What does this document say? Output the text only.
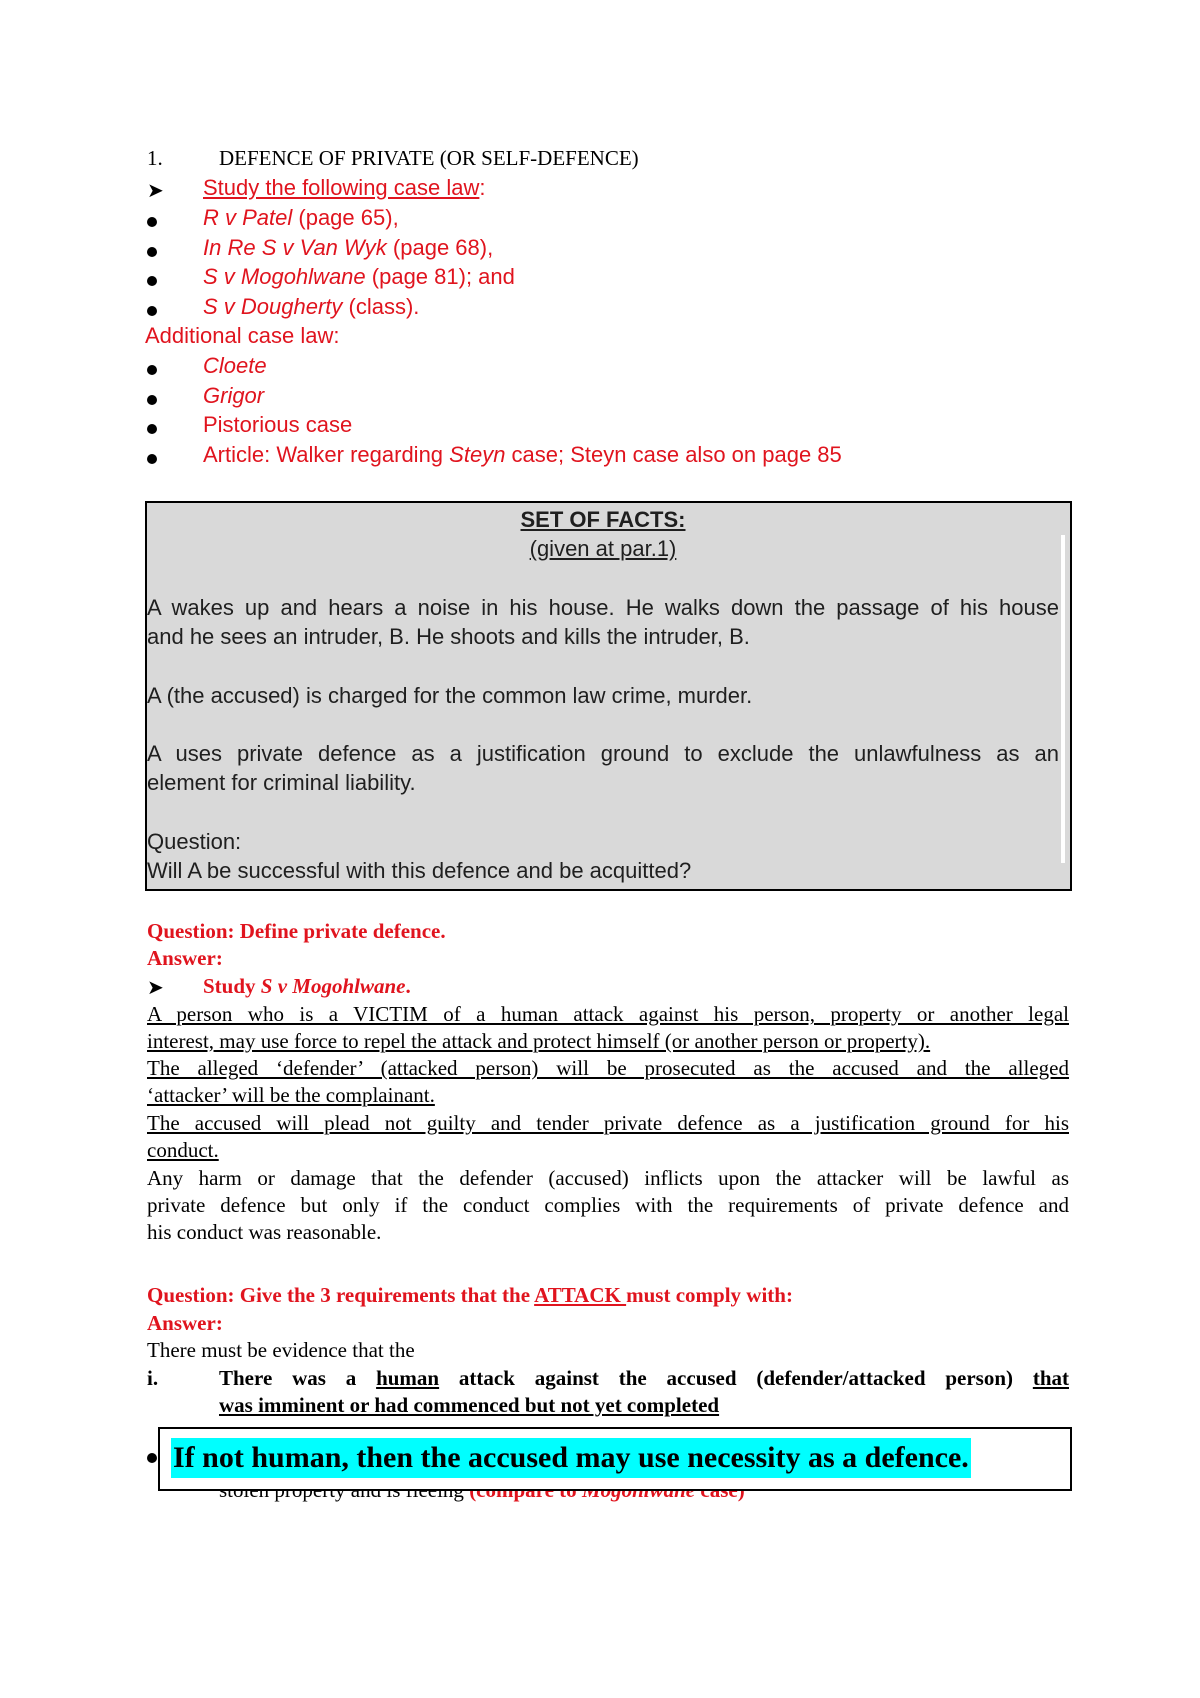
1.	DEFENCE OF PRIVATE (OR SELF-DEFENCE)
➤ Study the following case law:
R v Patel (page 65),
In Re S v Van Wyk (page 68),
S v Mogohlwane (page 81); and
S v Dougherty (class).
Additional case law:
Cloete
Grigor
Pistorious case
Article: Walker regarding Steyn case; Steyn case also on page 85
SET OF FACTS:
(given at par.1)
A wakes up and hears a noise in his house. He walks down the passage of his house
and he sees an intruder, B. He shoots and kills the intruder, B.
A (the accused) is charged for the common law crime, murder.
A uses private defence as a justification ground to exclude the unlawfulness as an
element for criminal liability.
Question:
Will A be successful with this defence and be acquitted?
Question: Define private defence.
Answer:
➤ Study S v Mogohlwane.
A person who is a VICTIM of a human attack against his person, property or another legal
interest, may use force to repel the attack and protect himself (or another person or property).
The alleged ‘defender’ (attacked person) will be prosecuted as the accused and the alleged
‘attacker’ will be the complainant.
The accused will plead not guilty and tender private defence as a justification ground for his
conduct.
Any harm or damage that the defender (accused) inflicts upon the attacker will be lawful as
private defence but only if the conduct complies with the requirements of private defence and
his conduct was reasonable.
Question: Give the 3 requirements that the ATTACK must comply with:
Answer:
There must be evidence that the
i.	There was a human attack against the accused (defender/attacked person) that
was imminent or had commenced but not yet completed
If not human, then the accused may use necessity as a defence.
